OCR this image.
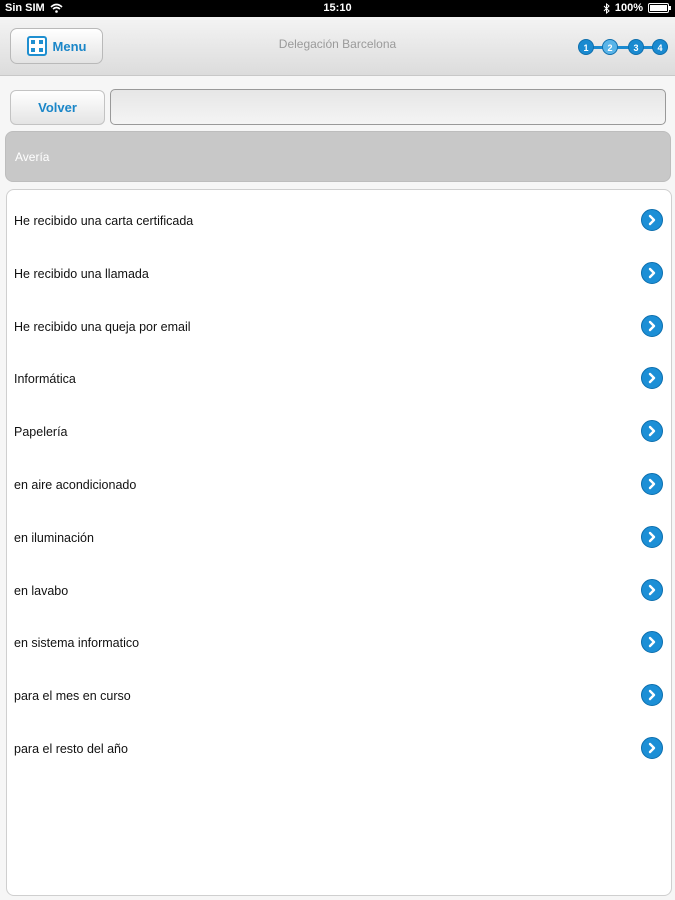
Sin SIM	15:10	100%
Menu	Delegación Barcelona	1	2	3	4
Volver
Avería
He recibido una carta certificada
He recibido una llamada
He recibido una queja por email
Informática
Papelería
en aire acondicionado
en iluminación
en lavabo
en sistema informatico
para el mes en curso
para el resto del año
